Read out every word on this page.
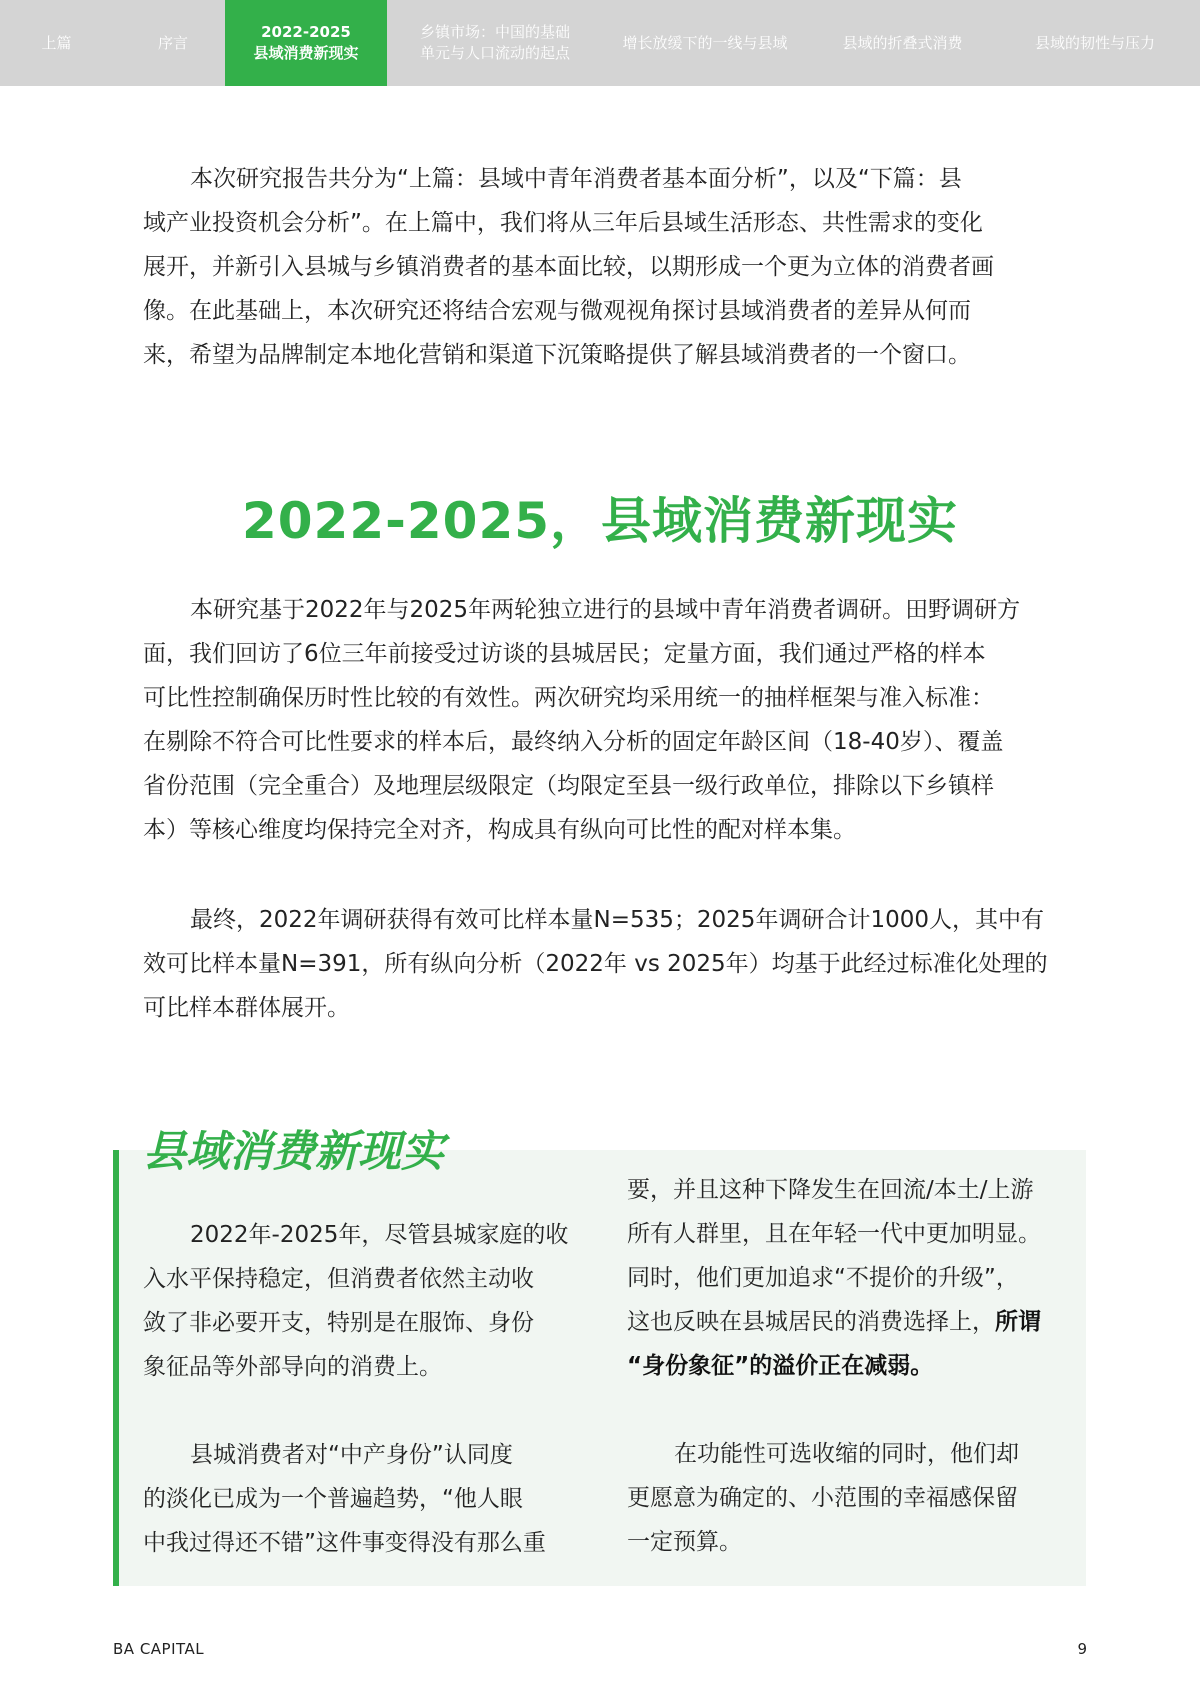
上篇	序言
2022-2025
县域消费新现实
乡镇市场：中国的基础
单元与人口流动的起点
增长放缓下的一线与县域	县域的折叠式消费	县域的韧性与压力
本次研究报告共分为“上篇：县域中青年消费者基本面分析”，以及“下篇：县
域产业投资机会分析”。在上篇中，我们将从三年后县域生活形态、共性需求的变化
展开，并新引入县城与乡镇消费者的基本面比较，以期形成一个更为立体的消费者画
像。在此基础上，本次研究还将结合宏观与微观视角探讨县域消费者的差异从何而
来，希望为品牌制定本地化营销和渠道下沉策略提供了解县域消费者的一个窗口。
2022-2025，县域消费新现实
本研究基于2022年与2025年两轮独立进行的县域中青年消费者调研。田野调研方
面，我们回访了6位三年前接受过访谈的县城居民；定量方面，我们通过严格的样本
可比性控制确保历时性比较的有效性。两次研究均采用统一的抽样框架与准入标准：
在剔除不符合可比性要求的样本后，最终纳入分析的固定年龄区间（18-40岁）、覆盖
省份范围（完全重合）及地理层级限定（均限定至县一级行政单位，排除以下乡镇样
本）等核心维度均保持完全对齐，构成具有纵向可比性的配对样本集。
最终，2022年调研获得有效可比样本量N=535；2025年调研合计1000人，其中有
效可比样本量N=391，所有纵向分析（2022年 vs 2025年）均基于此经过标准化处理的
可比样本群体展开。
县域消费新现实
2022年-2025年，尽管县城家庭的收
入水平保持稳定，但消费者依然主动收
敛了非必要开支，特别是在服饰、身份
象征品等外部导向的消费上。
县城消费者对“中产身份”认同度
的淡化已成为一个普遍趋势，“他人眼
中我过得还不错”这件事变得没有那么重
要，并且这种下降发生在回流/本土/上游
所有人群里，且在年轻一代中更加明显。
同时，他们更加追求“不提价的升级”，
这也反映在县城居民的消费选择上，所谓
“身份象征”的溢价正在减弱。
在功能性可选收缩的同时，他们却
更愿意为确定的、小范围的幸福感保留
一定预算。
BA CAPITAL	9
